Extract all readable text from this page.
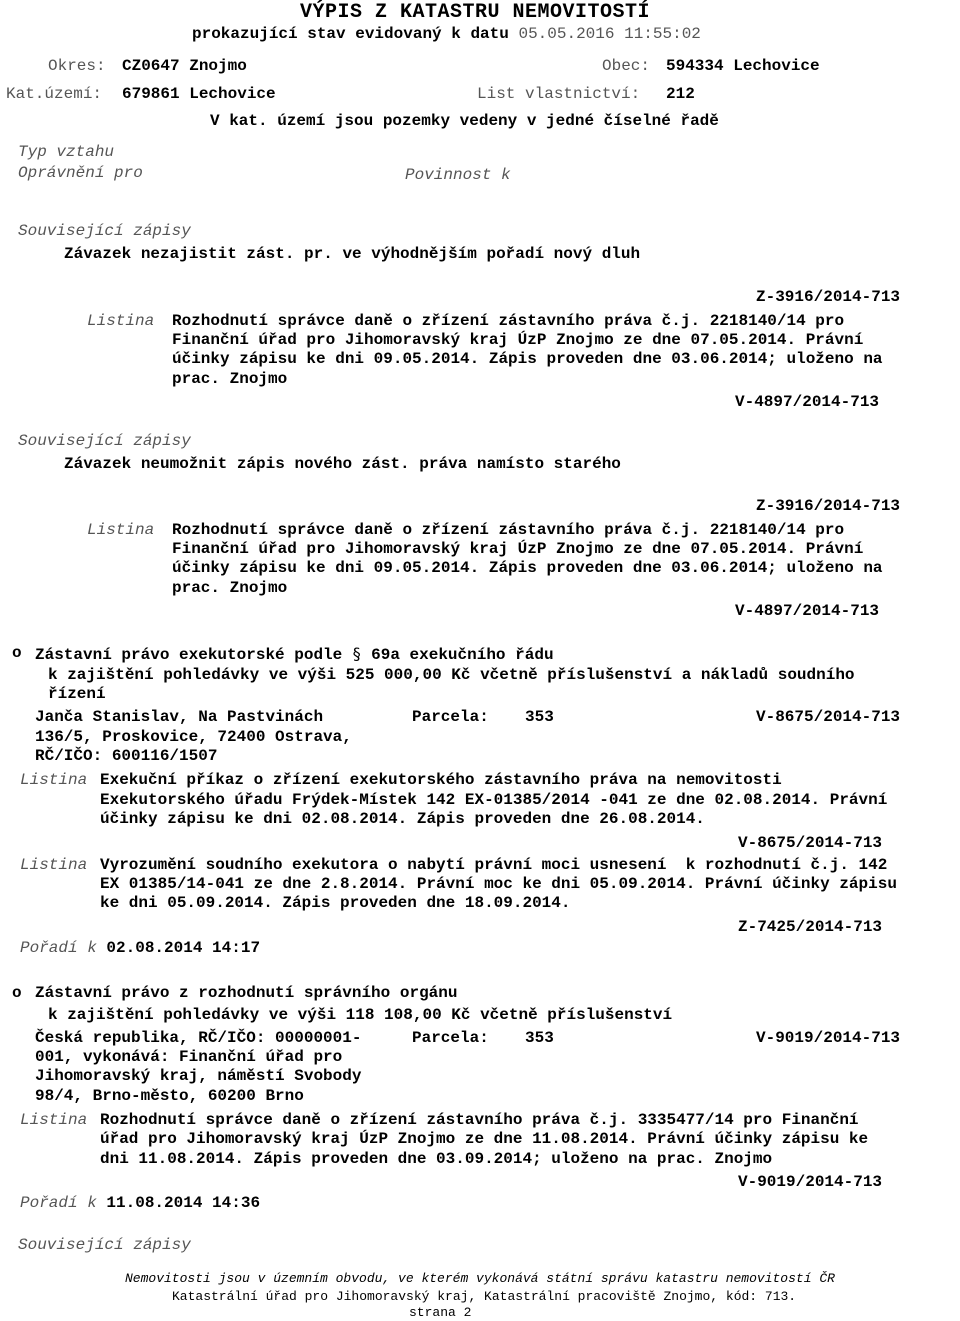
VÝPIS Z KATASTRU NEMOVITOSTÍ
prokazující stav evidovaný k datu 05.05.2016 11:55:02
Okres: CZ0647 Znojmo	Obec: 594334 Lechovice
Kat.území: 679861 Lechovice	List vlastnictví: 212
V kat. území jsou pozemky vedeny v jedné číselné řadě
Typ vztahu
Oprávnění pro	Povinnost k
Související zápisy
Závazek nezajistit zást. pr. ve výhodnějším pořadí nový dluh
Z-3916/2014-713
Listina Rozhodnutí správce daně o zřízení zástavního práva č.j. 2218140/14 pro
Finanční úřad pro Jihomoravský kraj ÚzP Znojmo ze dne 07.05.2014. Právní
účinky zápisu ke dni 09.05.2014. Zápis proveden dne 03.06.2014; uloženo na
prac. Znojmo
V-4897/2014-713
Související zápisy
Závazek neumožnit zápis nového zást. práva namísto starého
Z-3916/2014-713
Listina Rozhodnutí správce daně o zřízení zástavního práva č.j. 2218140/14 pro
Finanční úřad pro Jihomoravský kraj ÚzP Znojmo ze dne 07.05.2014. Právní
účinky zápisu ke dni 09.05.2014. Zápis proveden dne 03.06.2014; uloženo na
prac. Znojmo
V-4897/2014-713
o Zástavní právo exekutorské podle § 69a exekučního řádu
k zajištění pohledávky ve výši 525 000,00 Kč včetně příslušenství a nákladů soudního
řízení
Janča Stanislav, Na Pastvinách
136/5, Proskovice, 72400 Ostrava,
RČ/IČO: 600116/1507
Parcela: 353	V-8675/2014-713
Listina Exekuční příkaz o zřízení exekutorského zástavního práva na nemovitosti
Exekutorského úřadu Frýdek-Místek 142 EX-01385/2014 -041 ze dne 02.08.2014. Právní
účinky zápisu ke dni 02.08.2014. Zápis proveden dne 26.08.2014.
V-8675/2014-713
Listina Vyrozumění soudního exekutora o nabytí právní moci usnesení  k rozhodnutí č.j. 142
EX 01385/14-041 ze dne 2.8.2014. Právní moc ke dni 05.09.2014. Právní účinky zápisu
ke dni 05.09.2014. Zápis proveden dne 18.09.2014.
Z-7425/2014-713
Pořadí k 02.08.2014 14:17
o Zástavní právo z rozhodnutí správního orgánu
k zajištění pohledávky ve výši 118 108,00 Kč včetně příslušenství
Česká republika, RČ/IČO: 00000001-
001, vykonává: Finanční úřad pro
Jihomoravský kraj, náměstí Svobody
98/4, Brno-město, 60200 Brno
Parcela: 353	V-9019/2014-713
Listina Rozhodnutí správce daně o zřízení zástavního práva č.j. 3335477/14 pro Finanční
úřad pro Jihomoravský kraj ÚzP Znojmo ze dne 11.08.2014. Právní účinky zápisu ke
dni 11.08.2014. Zápis proveden dne 03.09.2014; uloženo na prac. Znojmo
V-9019/2014-713
Pořadí k 11.08.2014 14:36
Související zápisy
Nemovitosti jsou v územním obvodu, ve kterém vykonává státní správu katastru nemovitostí ČR
Katastrální úřad pro Jihomoravský kraj, Katastrální pracoviště Znojmo, kód: 713.
strana 2
